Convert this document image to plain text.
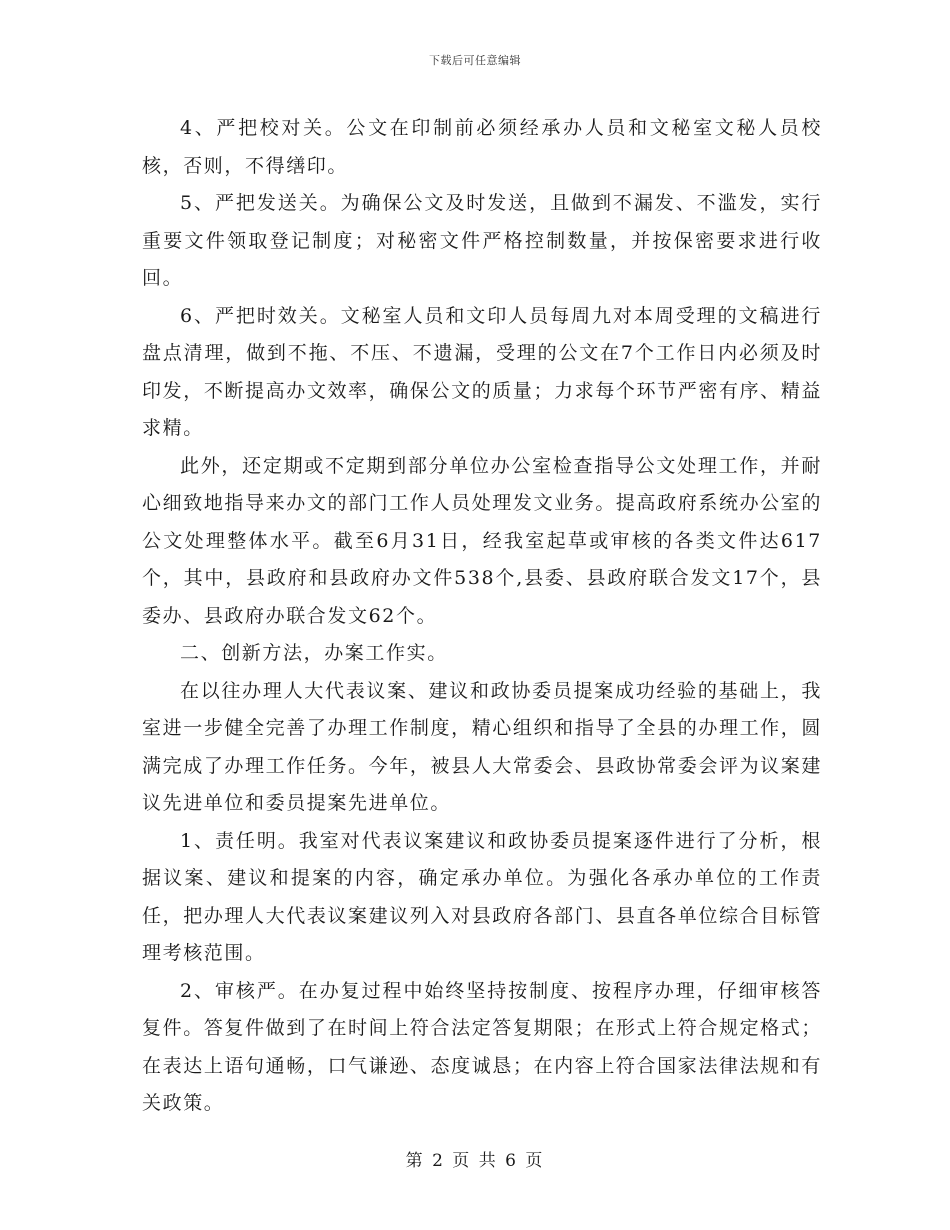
下载后可任意编辑

4、严把校对关。公文在印制前必须经承办人员和文秘室文秘人员校核，否则，不得缮印。

5、严把发送关。为确保公文及时发送，且做到不漏发、不滥发，实行重要文件领取登记制度；对秘密文件严格控制数量，并按保密要求进行收回。

6、严把时效关。文秘室人员和文印人员每周九对本周受理的文稿进行盘点清理，做到不拖、不压、不遗漏，受理的公文在7个工作日内必须及时印发，不断提高办文效率，确保公文的质量；力求每个环节严密有序、精益求精。

此外，还定期或不定期到部分单位办公室检查指导公文处理工作，并耐心细致地指导来办文的部门工作人员处理发文业务。提高政府系统办公室的公文处理整体水平。截至6月31日，经我室起草或审核的各类文件达617个，其中，县政府和县政府办文件538个,县委、县政府联合发文17个，县委办、县政府办联合发文62个。

二、创新方法，办案工作实。

在以往办理人大代表议案、建议和政协委员提案成功经验的基础上，我室进一步健全完善了办理工作制度，精心组织和指导了全县的办理工作，圆满完成了办理工作任务。今年，被县人大常委会、县政协常委会评为议案建议先进单位和委员提案先进单位。

1、责任明。我室对代表议案建议和政协委员提案逐件进行了分析，根据议案、建议和提案的内容，确定承办单位。为强化各承办单位的工作责任，把办理人大代表议案建议列入对县政府各部门、县直各单位综合目标管理考核范围。

2、审核严。在办复过程中始终坚持按制度、按程序办理，仔细审核答复件。答复件做到了在时间上符合法定答复期限；在形式上符合规定格式；在表达上语句通畅，口气谦逊、态度诚恳；在内容上符合国家法律法规和有关政策。

第 2 页 共 6 页
